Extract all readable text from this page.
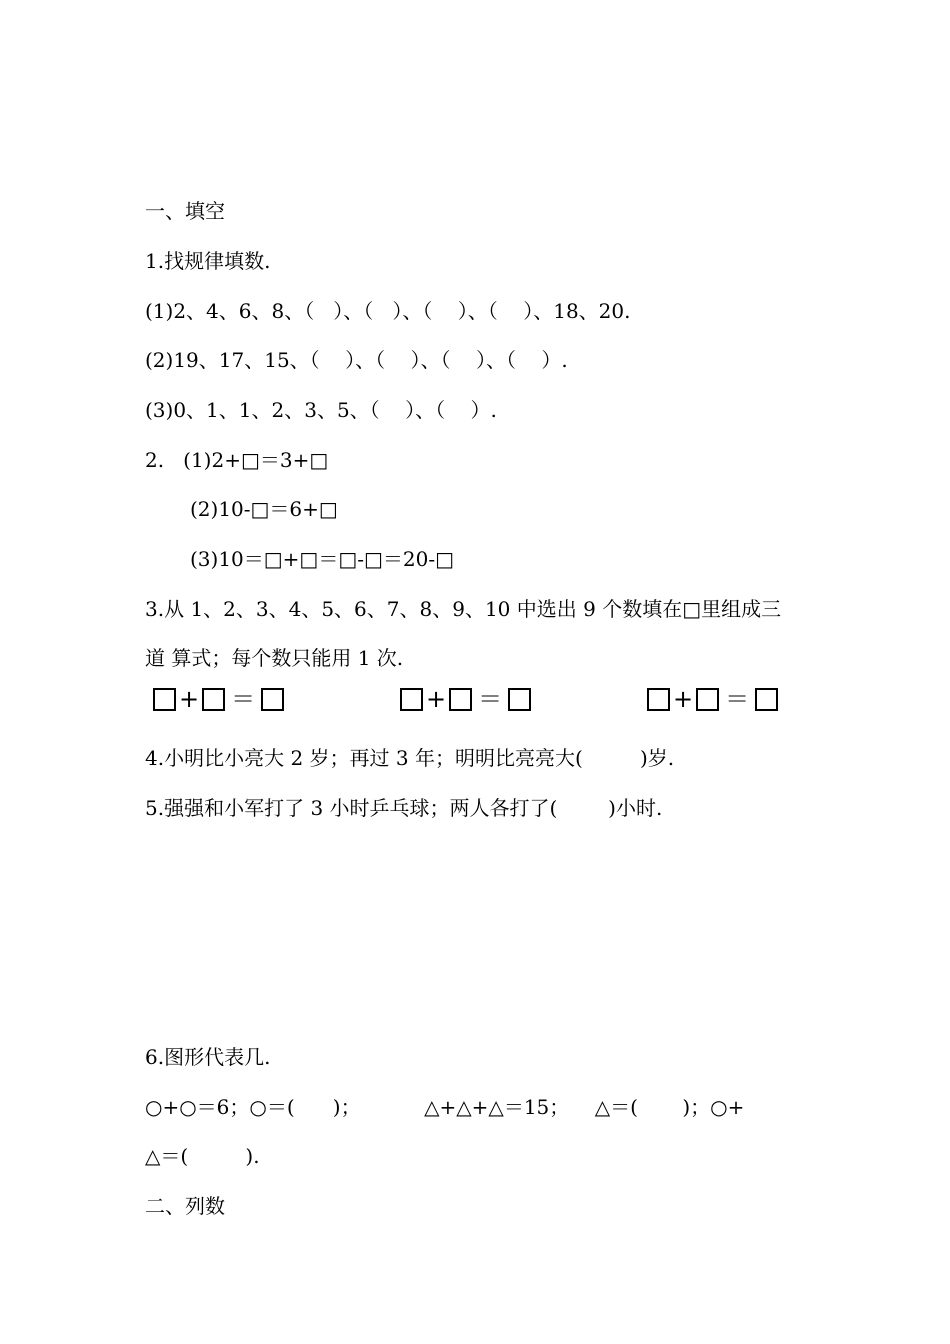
一、填空

1.找规律填数.

(1)2、4、6、8、（   ）、（   ）、（    ）、（    ）、18、20.

(2)19、17、15、（    ）、（    ）、（    ）、（    ）.

(3)0、1、1、2、3、5、（    ）、（    ）.

2.   (1)2+□＝3+□

(2)10-□＝6+□

(3)10＝□+□＝□-□＝20-□

3.从 1、2、3、4、5、6、7、8、9、10 中选出 9 个数填在□里组成三

道 算式；每个数只能用 1 次.

+ ＝	+ ＝	+ ＝

4.小明比小亮大 2 岁；再过 3 年；明明比亮亮大(         )岁.

5.强强和小军打了 3 小时乒乓球；两人各打了(        )小时.

6.图形代表几.

○+○＝6；○＝(      )；          △+△+△＝15；    △＝(       )；○+

△＝(         ).

二、列数
